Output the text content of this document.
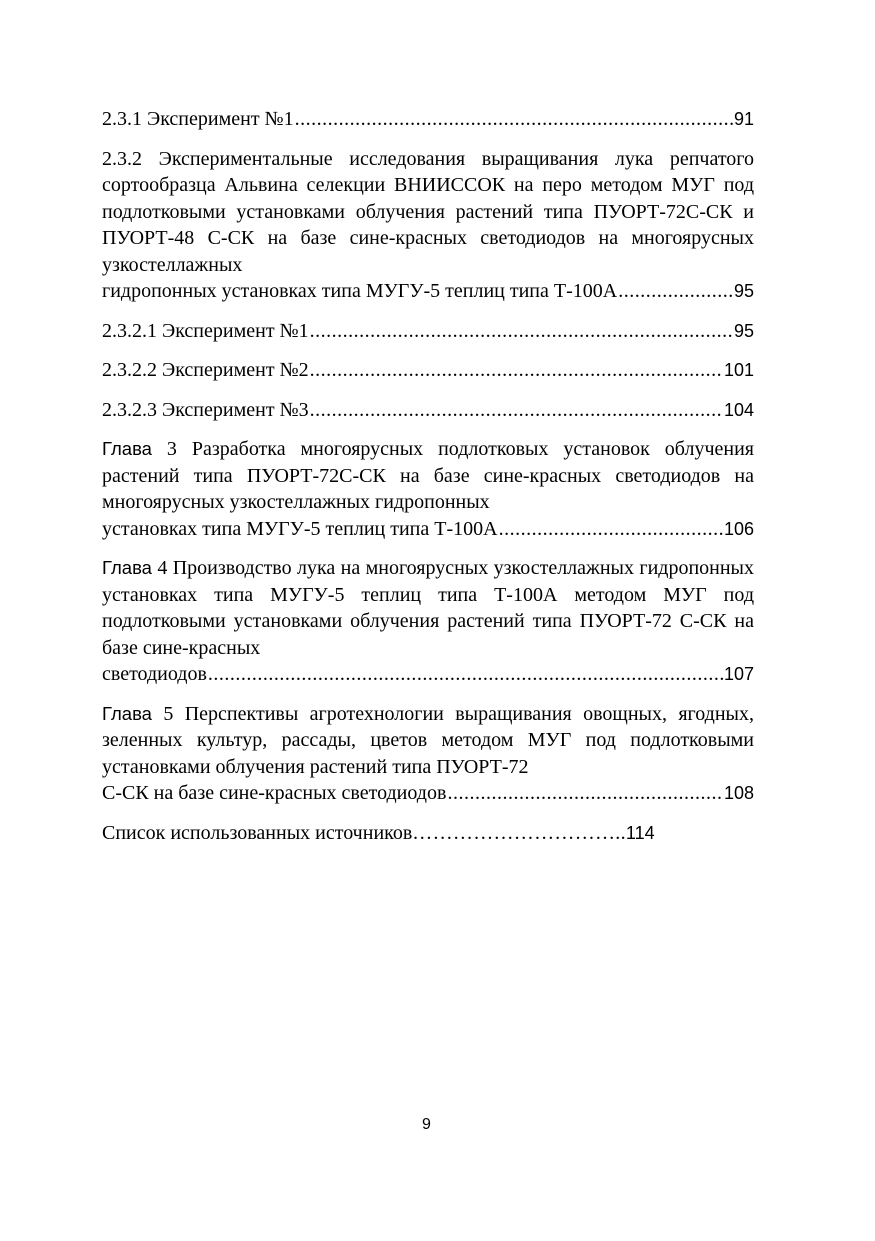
2.3.1 Эксперимент №1 .....	91
2.3.2 Экспериментальные исследования выращивания лука репчатого сортообразца Альвина селекции ВНИИССОК на перо методом МУГ под подлотковыми установками облучения растений типа ПУОРТ-72С-СК и ПУОРТ-48 С-СК на базе сине-красных светодиодов на многоярусных узкостеллажных
гидропонных установках типа МУГУ-5 теплиц типа Т-100А .....	95
2.3.2.1 Эксперимент №1 .....	95
2.3.2.2 Эксперимент №2 .....	101
2.3.2.3 Эксперимент №3 .....	104
Глава 3 Разработка многоярусных подлотковых установок облучения растений типа ПУОРТ-72С-СК на базе сине-красных светодиодов на многоярусных узкостеллажных гидропонных
установках типа МУГУ-5 теплиц типа Т-100А .....	106
Глава 4 Производство лука на многоярусных узкостеллажных гидропонных установках типа МУГУ-5 теплиц типа Т-100А методом МУГ под подлотковыми установками облучения растений типа ПУОРТ-72 С-СК на базе сине-красных
светодиодов .....	107
Глава 5 Перспективы агротехнологии выращивания овощных, ягодных, зеленных культур, рассады, цветов методом МУГ под подлотковыми установками облучения растений типа ПУОРТ-72
С-СК на базе сине-красных светодиодов .....	108
Список использованных источников…………………………..114
9
